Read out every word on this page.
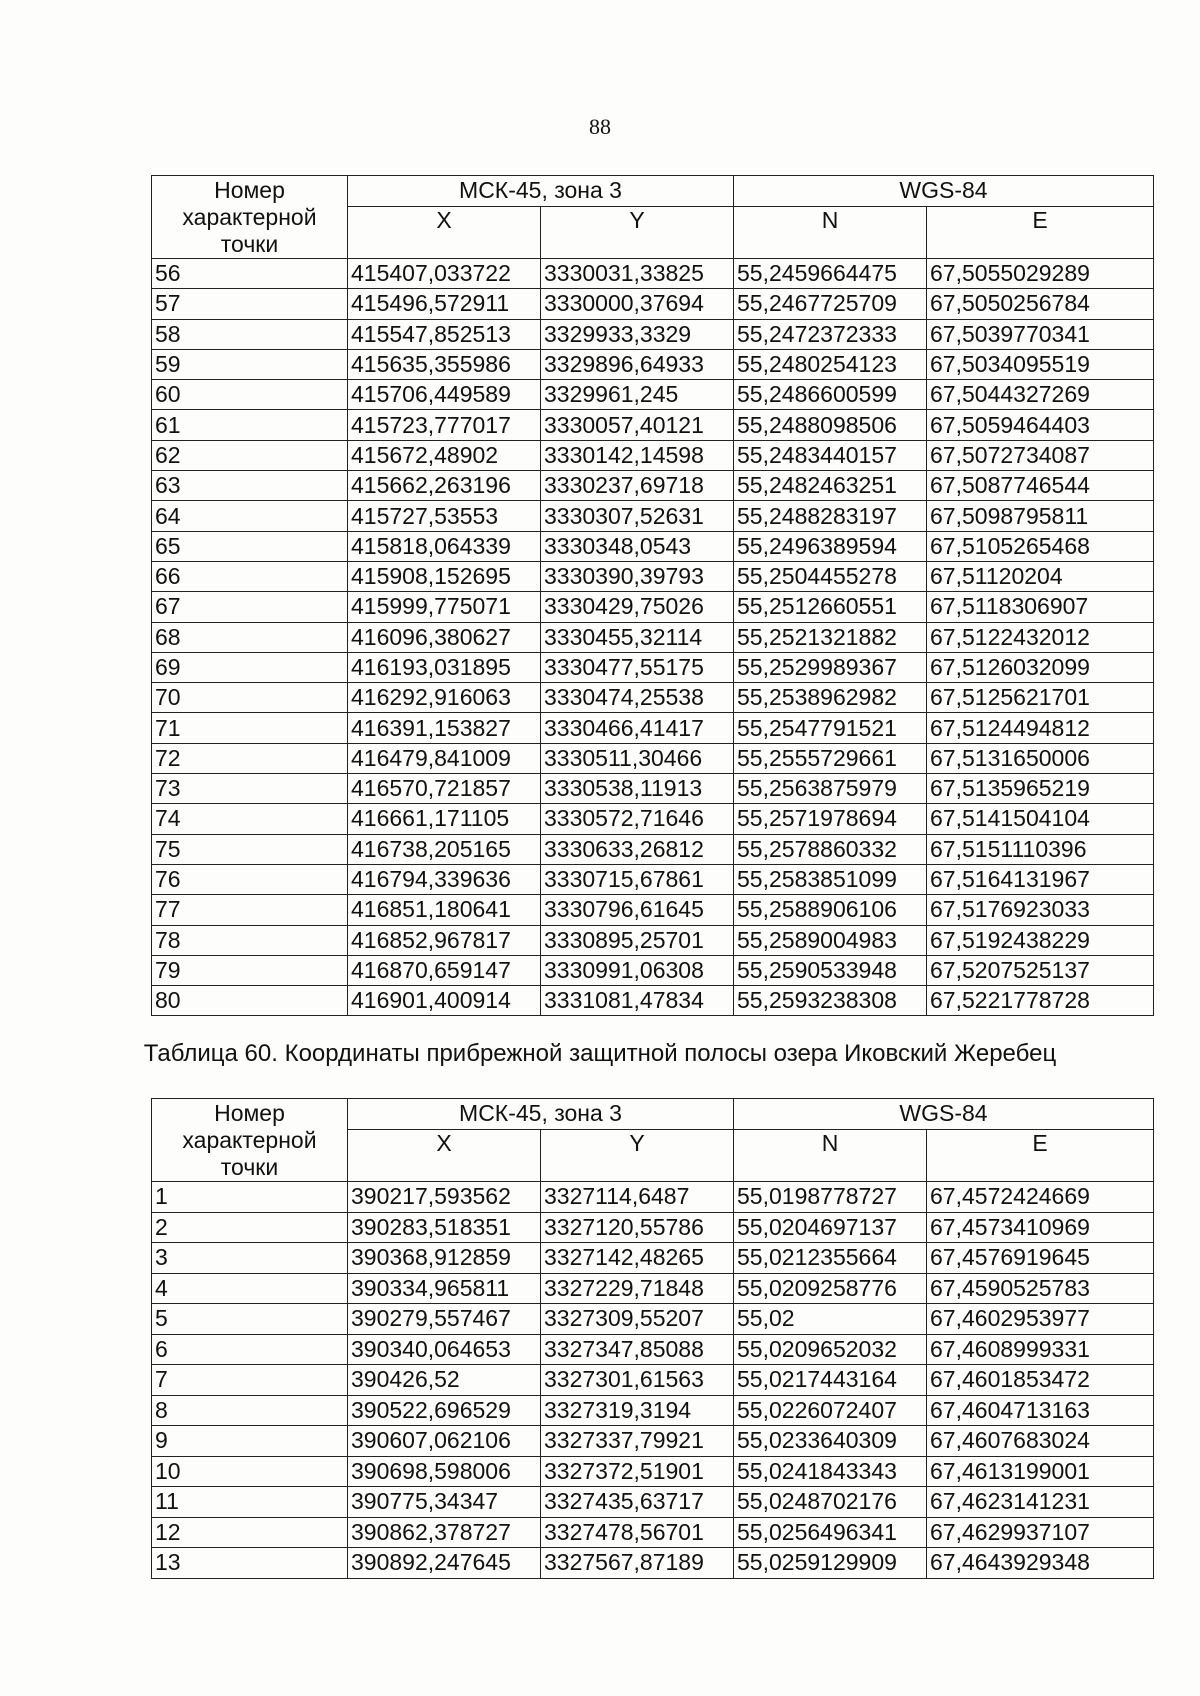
88
Номер характерной точки	МСК-45, зона 3		WGS-84	
	X	Y	N	E
56	415407,033722	3330031,33825	55,2459664475	67,5055029289
57	415496,572911	3330000,37694	55,2467725709	67,5050256784
58	415547,852513	3329933,3329	55,2472372333	67,5039770341
59	415635,355986	3329896,64933	55,2480254123	67,5034095519
60	415706,449589	3329961,245	55,2486600599	67,5044327269
61	415723,777017	3330057,40121	55,2488098506	67,5059464403
62	415672,48902	3330142,14598	55,2483440157	67,5072734087
63	415662,263196	3330237,69718	55,2482463251	67,5087746544
64	415727,53553	3330307,52631	55,2488283197	67,5098795811
65	415818,064339	3330348,0543	55,2496389594	67,5105265468
66	415908,152695	3330390,39793	55,2504455278	67,51120204
67	415999,775071	3330429,75026	55,2512660551	67,5118306907
68	416096,380627	3330455,32114	55,2521321882	67,5122432012
69	416193,031895	3330477,55175	55,2529989367	67,5126032099
70	416292,916063	3330474,25538	55,2538962982	67,5125621701
71	416391,153827	3330466,41417	55,2547791521	67,5124494812
72	416479,841009	3330511,30466	55,2555729661	67,5131650006
73	416570,721857	3330538,11913	55,2563875979	67,5135965219
74	416661,171105	3330572,71646	55,2571978694	67,5141504104
75	416738,205165	3330633,26812	55,2578860332	67,5151110396
76	416794,339636	3330715,67861	55,2583851099	67,5164131967
77	416851,180641	3330796,61645	55,2588906106	67,5176923033
78	416852,967817	3330895,25701	55,2589004983	67,5192438229
79	416870,659147	3330991,06308	55,2590533948	67,5207525137
80	416901,400914	3331081,47834	55,2593238308	67,5221778728
Таблица 60. Координаты прибрежной защитной полосы озера Иковский Жеребец
Номер характерной точки	МСК-45, зона 3		WGS-84	
	X	Y	N	E
1	390217,593562	3327114,6487	55,0198778727	67,4572424669
2	390283,518351	3327120,55786	55,0204697137	67,4573410969
3	390368,912859	3327142,48265	55,0212355664	67,4576919645
4	390334,965811	3327229,71848	55,0209258776	67,4590525783
5	390279,557467	3327309,55207	55,02	67,4602953977
6	390340,064653	3327347,85088	55,0209652032	67,4608999331
7	390426,52	3327301,61563	55,0217443164	67,4601853472
8	390522,696529	3327319,3194	55,0226072407	67,4604713163
9	390607,062106	3327337,79921	55,0233640309	67,4607683024
10	390698,598006	3327372,51901	55,0241843343	67,4613199001
11	390775,34347	3327435,63717	55,0248702176	67,4623141231
12	390862,378727	3327478,56701	55,0256496341	67,4629937107
13	390892,247645	3327567,87189	55,0259129909	67,4643929348
